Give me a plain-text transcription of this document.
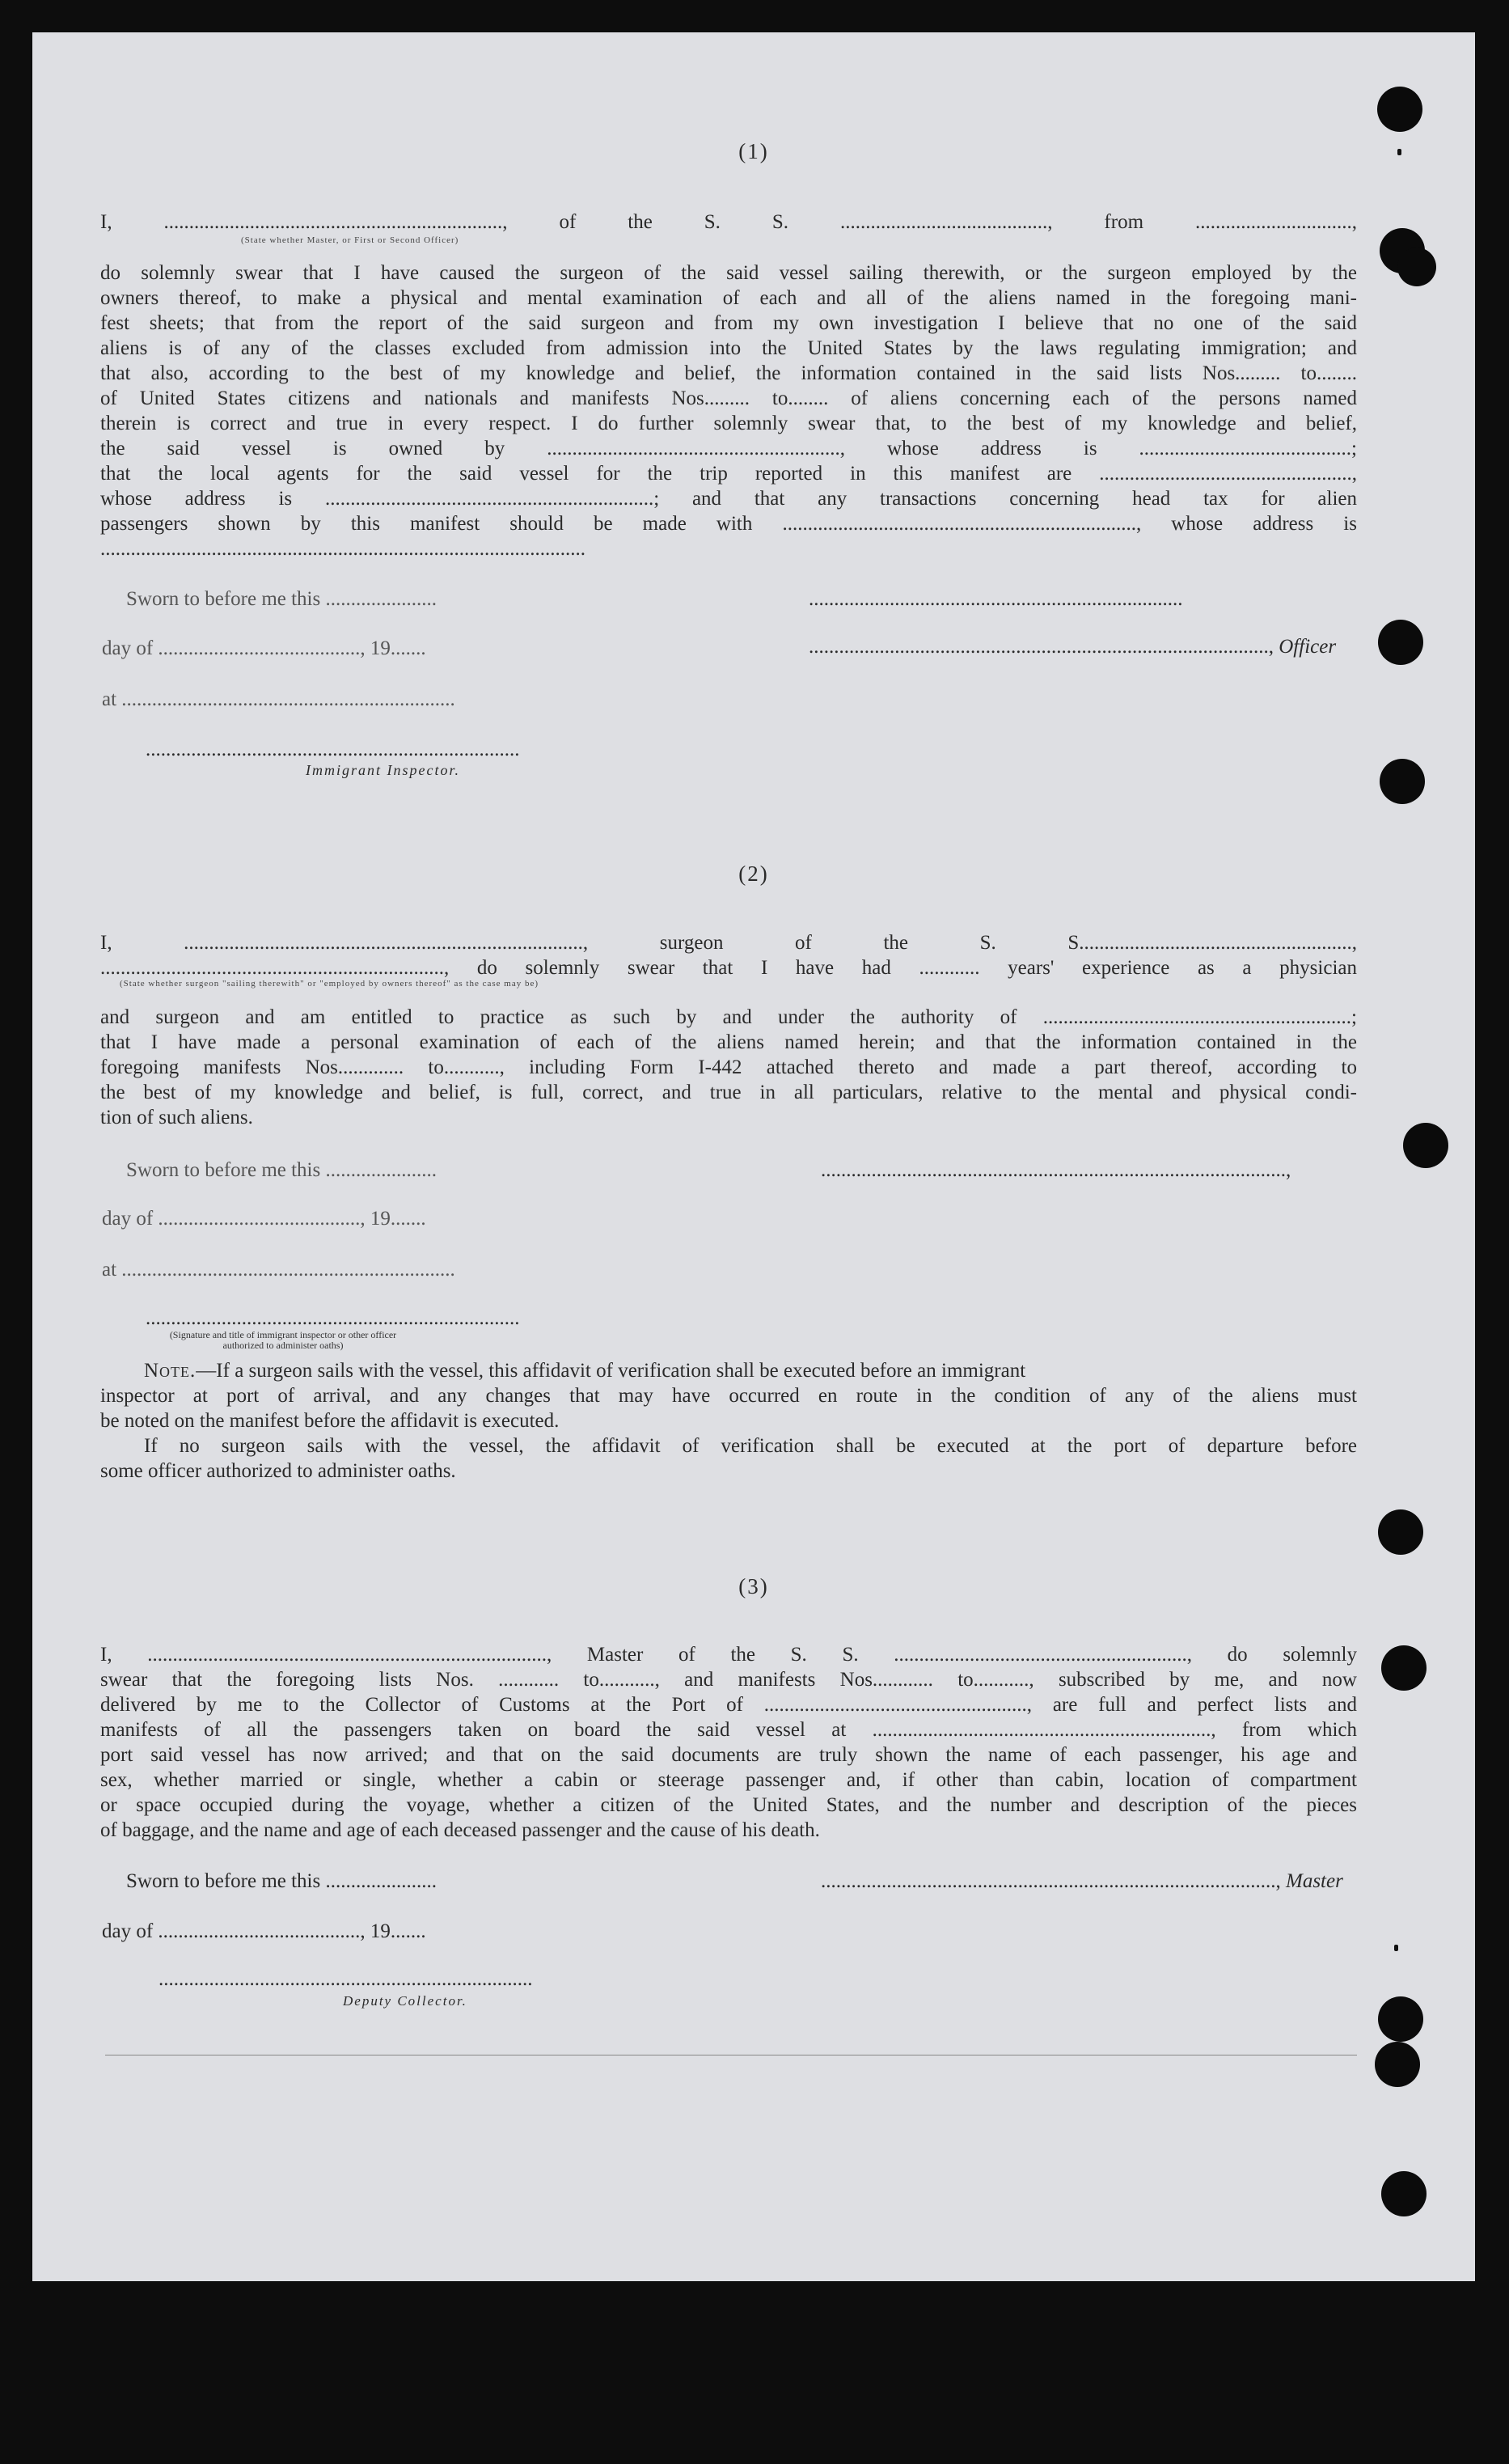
(1)
I, ..................................................................., of the S. S. ........................................., from ...............................,
(State whether Master, or First or Second Officer)
do solemnly swear that I have caused the surgeon of the said vessel sailing therewith, or the surgeon employed by the
owners thereof, to make a physical and mental examination of each and all of the aliens named in the foregoing mani-
fest sheets; that from the report of the said surgeon and from my own investigation I believe that no one of the said
aliens is of any of the classes excluded from admission into the United States by the laws regulating immigration; and
that also, according to the best of my knowledge and belief, the information contained in the said lists Nos......... to........
of United States citizens and nationals and manifests Nos......... to........ of aliens concerning each of the persons named
therein is correct and true in every respect. I do further solemnly swear that, to the best of my knowledge and belief,
the said vessel is owned by .........................................................., whose address is ..........................................;
that the local agents for the said vessel for the trip reported in this manifest are ..................................................,
whose address is .................................................................; and that any transactions concerning head tax for alien
passengers shown by this manifest should be made with ......................................................................, whose address is
................................................................................................
Sworn to before me this ......................	..........................................................................
day of ........................................, 19.......	..........................................................................................., Officer
at ..................................................................
..........................................................................
Immigrant Inspector.
(2)
I, ..............................................................................., surgeon of the S. S......................................................,
...................................................................., do solemnly swear that I have had ............ years' experience as a physician
(State whether surgeon "sailing therewith" or "employed by owners thereof" as the case may be)
and surgeon and am entitled to practice as such by and under the authority of .............................................................;
that I have made a personal examination of each of the aliens named herein; and that the information contained in the
foregoing manifests Nos............. to..........., including Form I-442 attached thereto and made a part thereof, according to
the best of my knowledge and belief, is full, correct, and true in all particulars, relative to the mental and physical condi-
tion of such aliens.
Sworn to before me this ......................	............................................................................................,
day of ........................................, 19.......
at ..................................................................
..........................................................................
(Signature and title of immigrant inspector or other officer authorized to administer oaths)
Note.—If a surgeon sails with the vessel, this affidavit of verification shall be executed before an immigrant
inspector at port of arrival, and any changes that may have occurred en route in the condition of any of the aliens must
be noted on the manifest before the affidavit is executed.
If no surgeon sails with the vessel, the affidavit of verification shall be executed at the port of departure before
some officer authorized to administer oaths.
(3)
I, ..............................................................................., Master of the S. S. .........................................................., do solemnly
swear that the foregoing lists Nos. ............ to..........., and manifests Nos............ to..........., subscribed by me, and now
delivered by me to the Collector of Customs at the Port of ...................................................., are full and perfect lists and
manifests of all the passengers taken on board the said vessel at ..................................................................., from which
port said vessel has now arrived; and that on the said documents are truly shown the name of each passenger, his age and
sex, whether married or single, whether a cabin or steerage passenger and, if other than cabin, location of compartment
or space occupied during the voyage, whether a citizen of the United States, and the number and description of the pieces
of baggage, and the name and age of each deceased passenger and the cause of his death.
Sworn to before me this ......................	.........................................................................................., Master
day of ........................................, 19.......
..........................................................................
Deputy Collector.
